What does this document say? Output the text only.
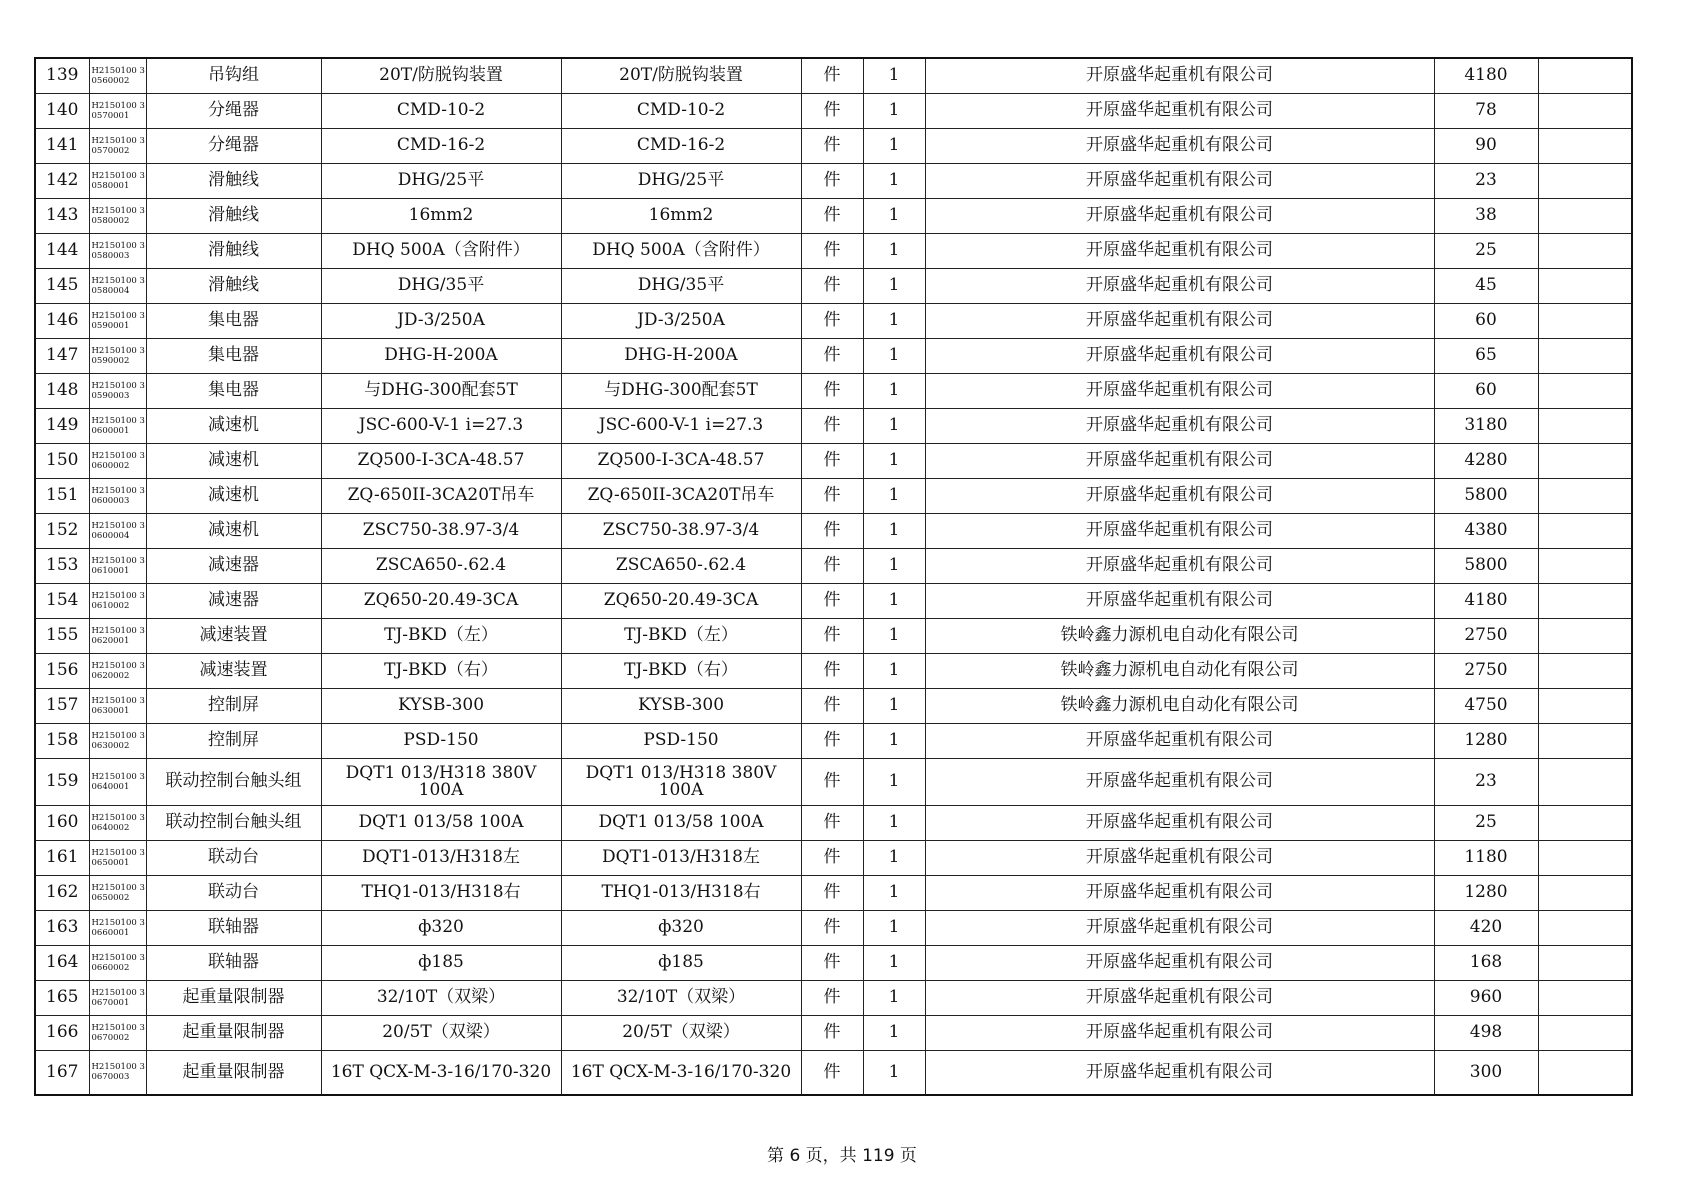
139	H2150100 30560002	吊钩组	20T/防脱钩装置	20T/防脱钩装置	件	1	开原盛华起重机有限公司	4180	
140	H2150100 30570001	分绳器	CMD-10-2	CMD-10-2	件	1	开原盛华起重机有限公司	78	
141	H2150100 30570002	分绳器	CMD-16-2	CMD-16-2	件	1	开原盛华起重机有限公司	90	
142	H2150100 30580001	滑触线	DHG/25平	DHG/25平	件	1	开原盛华起重机有限公司	23	
143	H2150100 30580002	滑触线	16mm2	16mm2	件	1	开原盛华起重机有限公司	38	
144	H2150100 30580003	滑触线	DHQ 500A（含附件）	DHQ 500A（含附件）	件	1	开原盛华起重机有限公司	25	
145	H2150100 30580004	滑触线	DHG/35平	DHG/35平	件	1	开原盛华起重机有限公司	45	
146	H2150100 30590001	集电器	JD-3/250A	JD-3/250A	件	1	开原盛华起重机有限公司	60	
147	H2150100 30590002	集电器	DHG-H-200A	DHG-H-200A	件	1	开原盛华起重机有限公司	65	
148	H2150100 30590003	集电器	与DHG-300配套5T	与DHG-300配套5T	件	1	开原盛华起重机有限公司	60	
149	H2150100 30600001	减速机	JSC-600-V-1 i=27.3	JSC-600-V-1 i=27.3	件	1	开原盛华起重机有限公司	3180	
150	H2150100 30600002	减速机	ZQ500-I-3CA-48.57	ZQ500-I-3CA-48.57	件	1	开原盛华起重机有限公司	4280	
151	H2150100 30600003	减速机	ZQ-650II-3CA20T吊车	ZQ-650II-3CA20T吊车	件	1	开原盛华起重机有限公司	5800	
152	H2150100 30600004	减速机	ZSC750-38.97-3/4	ZSC750-38.97-3/4	件	1	开原盛华起重机有限公司	4380	
153	H2150100 30610001	减速器	ZSCA650-.62.4	ZSCA650-.62.4	件	1	开原盛华起重机有限公司	5800	
154	H2150100 30610002	减速器	ZQ650-20.49-3CA	ZQ650-20.49-3CA	件	1	开原盛华起重机有限公司	4180	
155	H2150100 30620001	减速装置	TJ-BKD（左）	TJ-BKD（左）	件	1	铁岭鑫力源机电自动化有限公司	2750	
156	H2150100 30620002	减速装置	TJ-BKD（右）	TJ-BKD（右）	件	1	铁岭鑫力源机电自动化有限公司	2750	
157	H2150100 30630001	控制屏	KYSB-300	KYSB-300	件	1	铁岭鑫力源机电自动化有限公司	4750	
158	H2150100 30630002	控制屏	PSD-150	PSD-150	件	1	开原盛华起重机有限公司	1280	
159	H2150100 30640001	联动控制台触头组	DQT1 013/H318 380V 100A	DQT1 013/H318 380V 100A	件	1	开原盛华起重机有限公司	23	
160	H2150100 30640002	联动控制台触头组	DQT1 013/58 100A	DQT1 013/58 100A	件	1	开原盛华起重机有限公司	25	
161	H2150100 30650001	联动台	DQT1-013/H318左	DQT1-013/H318左	件	1	开原盛华起重机有限公司	1180	
162	H2150100 30650002	联动台	THQ1-013/H318右	THQ1-013/H318右	件	1	开原盛华起重机有限公司	1280	
163	H2150100 30660001	联轴器	ф320	ф320	件	1	开原盛华起重机有限公司	420	
164	H2150100 30660002	联轴器	ф185	ф185	件	1	开原盛华起重机有限公司	168	
165	H2150100 30670001	起重量限制器	32/10T（双梁）	32/10T（双梁）	件	1	开原盛华起重机有限公司	960	
166	H2150100 30670002	起重量限制器	20/5T（双梁）	20/5T（双梁）	件	1	开原盛华起重机有限公司	498	
167	H2150100 30670003	起重量限制器	16T QCX-M-3-16/170-320	16T QCX-M-3-16/170-320	件	1	开原盛华起重机有限公司	300	
第 6 页，共 119 页
